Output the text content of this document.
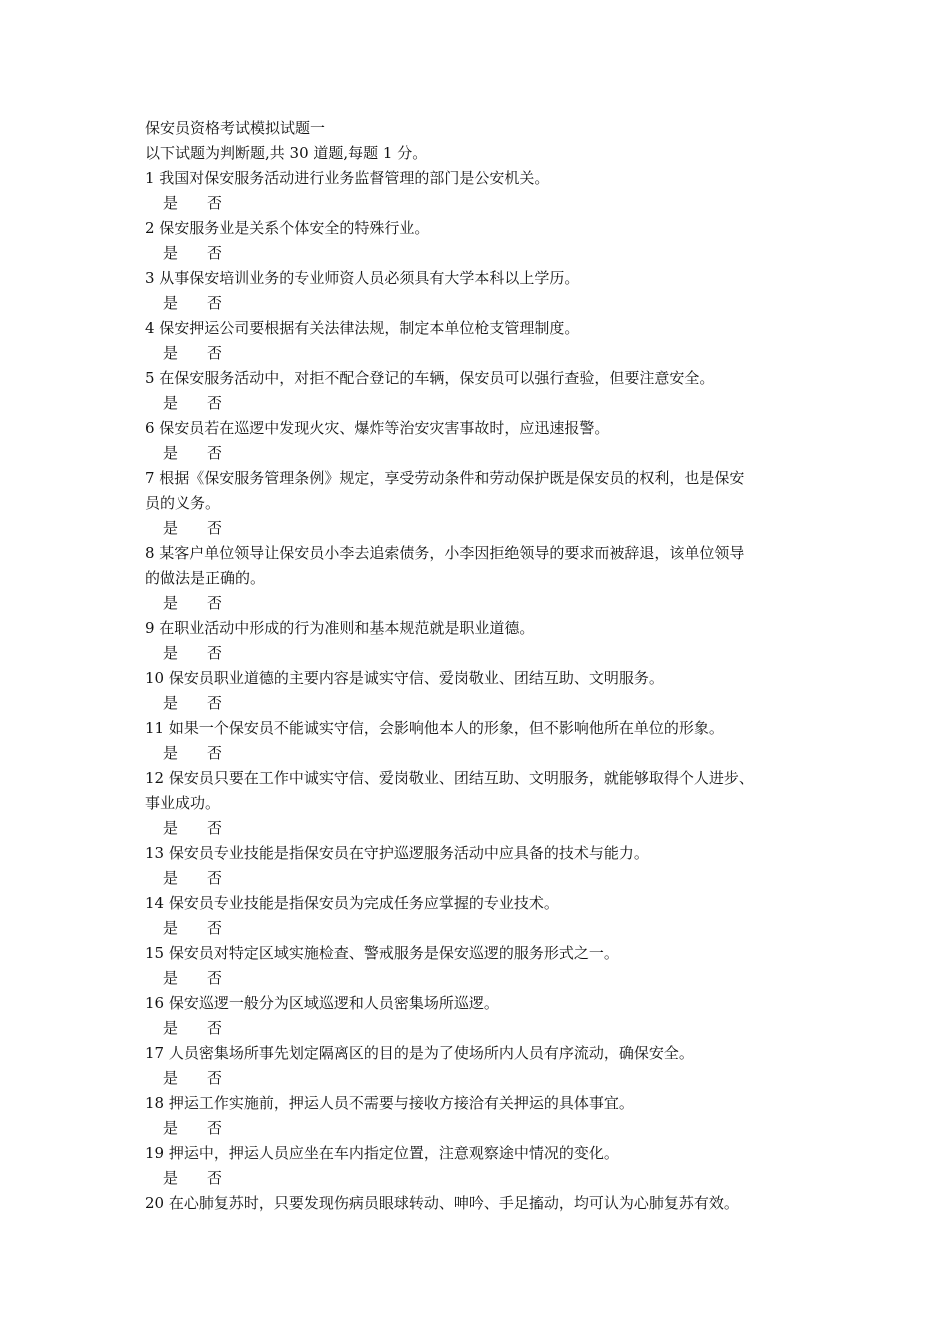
保安员资格考试模拟试题一
以下试题为判断题,共 30 道题,每题 1 分。
1 我国对保安服务活动进行业务监督管理的部门是公安机关。
是 否
2 保安服务业是关系个体安全的特殊行业。
是 否
3 从事保安培训业务的专业师资人员必须具有大学本科以上学历。
是 否
4 保安押运公司要根据有关法律法规，制定本单位枪支管理制度。
是 否
5 在保安服务活动中，对拒不配合登记的车辆，保安员可以强行查验，但要注意安全。
是 否
6 保安员若在巡逻中发现火灾、爆炸等治安灾害事故时，应迅速报警。
是 否
7 根据《保安服务管理条例》规定，享受劳动条件和劳动保护既是保安员的权利，也是保安
员的义务。
是 否
8 某客户单位领导让保安员小李去追索债务，小李因拒绝领导的要求而被辞退，该单位领导
的做法是正确的。
是 否
9 在职业活动中形成的行为准则和基本规范就是职业道德。
是 否
10 保安员职业道德的主要内容是诚实守信、爱岗敬业、团结互助、文明服务。
是 否
11 如果一个保安员不能诚实守信，会影响他本人的形象，但不影响他所在单位的形象。
是 否
12 保安员只要在工作中诚实守信、爱岗敬业、团结互助、文明服务，就能够取得个人进步、
事业成功。
是 否
13 保安员专业技能是指保安员在守护巡逻服务活动中应具备的技术与能力。
是 否
14 保安员专业技能是指保安员为完成任务应掌握的专业技术。
是 否
15 保安员对特定区域实施检查、警戒服务是保安巡逻的服务形式之一。
是 否
16 保安巡逻一般分为区域巡逻和人员密集场所巡逻。
是 否
17 人员密集场所事先划定隔离区的目的是为了使场所内人员有序流动，确保安全。
是 否
18 押运工作实施前，押运人员不需要与接收方接洽有关押运的具体事宜。
是 否
19 押运中，押运人员应坐在车内指定位置，注意观察途中情况的变化。
是 否
20 在心肺复苏时，只要发现伤病员眼球转动、呻吟、手足搐动，均可认为心肺复苏有效。
